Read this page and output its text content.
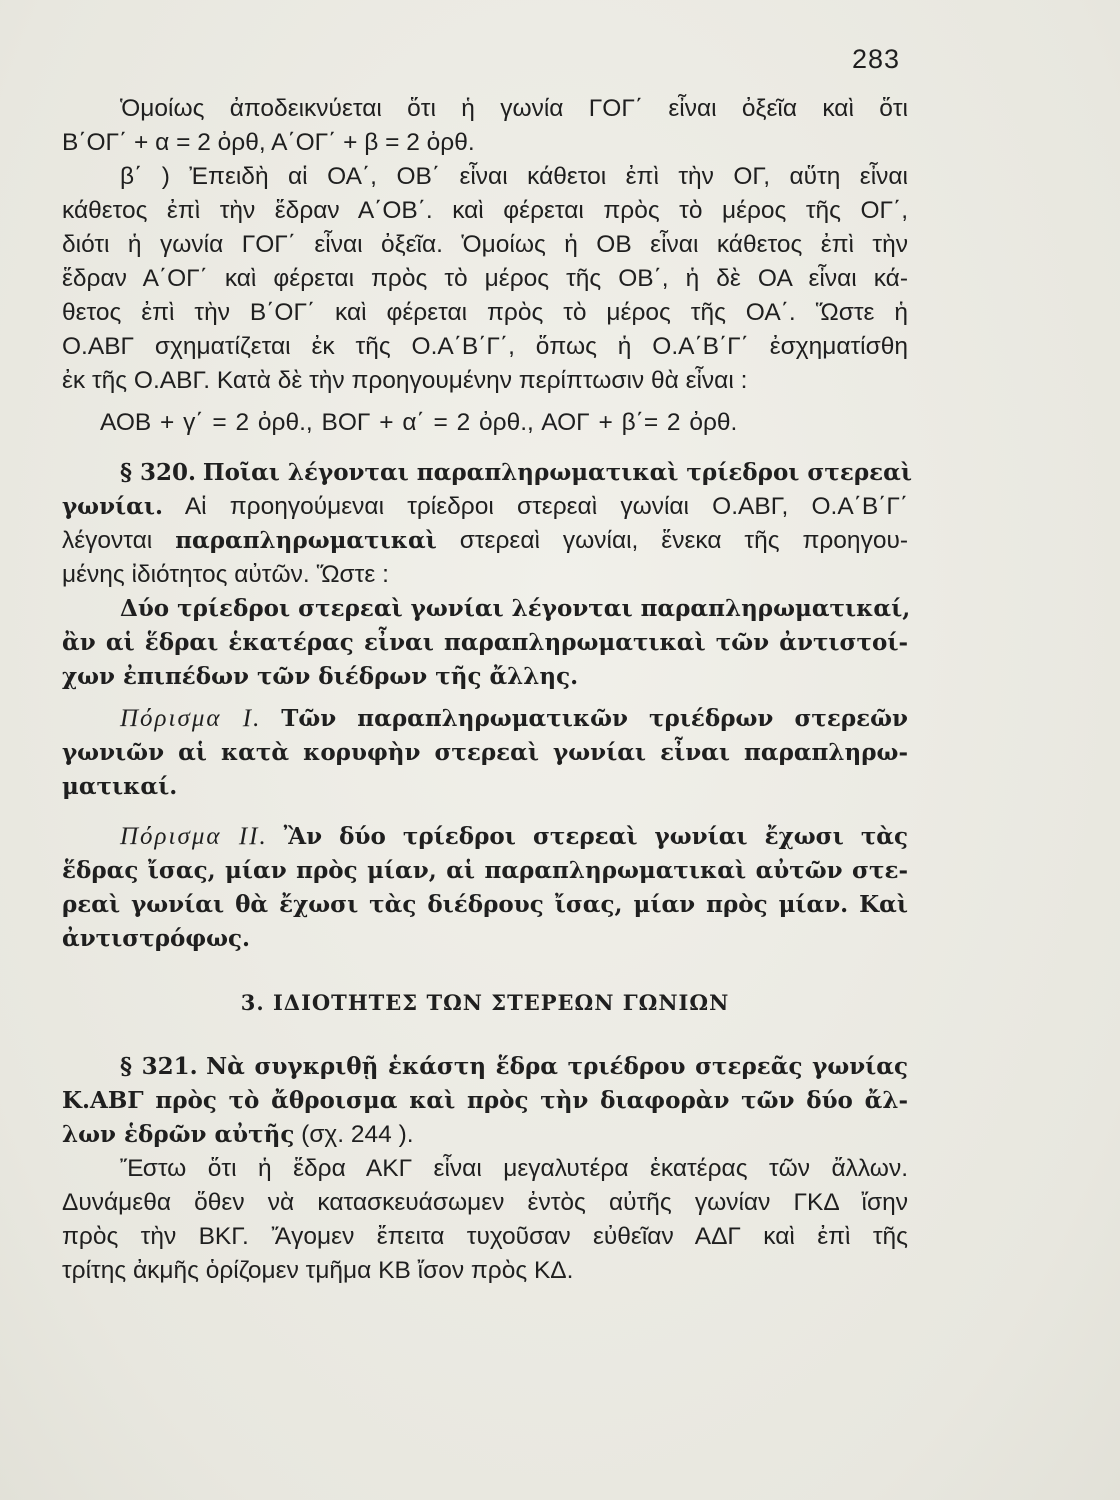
283
Ὁμοίως ἀποδεικνύεται ὅτι ἡ γωνία ΓΟΓ΄ εἶναι ὀξεῖα καὶ ὅτι
Β΄ΟΓ΄ + α = 2 ὀρθ, Α΄ΟΓ΄ + β = 2 ὀρθ.
β΄ ) Ἐπειδὴ αἱ ΟΑ΄, ΟΒ΄ εἶναι κάθετοι ἐπὶ τὴν ΟΓ, αὕτη εἶναι
κάθετος ἐπὶ τὴν ἕδραν Α΄ΟΒ΄. καὶ φέρεται πρὸς τὸ μέρος τῆς ΟΓ΄,
διότι ἡ γωνία ΓΟΓ΄ εἶναι ὀξεῖα. Ὁμοίως ἡ ΟΒ εἶναι κάθετος ἐπὶ τὴν
ἕδραν Α΄ΟΓ΄ καὶ φέρεται πρὸς τὸ μέρος τῆς ΟΒ΄, ἡ δὲ ΟΑ εἶναι κά-
θετος ἐπὶ τὴν Β΄ΟΓ΄ καὶ φέρεται πρὸς τὸ μέρος τῆς ΟΑ΄. Ὥστε ἡ
Ο.ΑΒΓ σχηματίζεται ἐκ τῆς Ο.Α΄Β΄Γ΄, ὅπως ἡ Ο.Α΄Β΄Γ΄ ἐσχηματίσθη
ἐκ τῆς Ο.ΑΒΓ. Κατὰ δὲ τὴν προηγουμένην περίπτωσιν θὰ εἶναι :
ΑΟΒ + γ΄ = 2 ὀρθ., ΒΟΓ + α΄ = 2 ὀρθ., ΑΟΓ + β΄= 2 ὀρθ.
§ 320. Ποῖαι λέγονται παραπληρωματικαὶ τρίεδροι στερεαὶ
γωνίαι. Αἱ προηγούμεναι τρίεδροι στερεαὶ γωνίαι Ο.ΑΒΓ, Ο.Α΄Β΄Γ΄
λέγονται παραπληρωματικαὶ στερεαὶ γωνίαι, ἕνεκα τῆς προηγου-
μένης ἰδιότητος αὐτῶν. Ὥστε :
Δύο τρίεδροι στερεαὶ γωνίαι λέγονται παραπληρωματικαί,
ἂν αἱ ἕδραι ἑκατέρας εἶναι παραπληρωματικαὶ τῶν ἀντιστοί-
χων ἐπιπέδων τῶν διέδρων τῆς ἄλλης.
Πόρισμα Ι. Τῶν παραπληρωματικῶν τριέδρων στερεῶν
γωνιῶν αἱ κατὰ κορυφὴν στερεαὶ γωνίαι εἶναι παραπληρω-
ματικαί.
Πόρισμα ΙΙ. Ἂν δύο τρίεδροι στερεαὶ γωνίαι ἔχωσι τὰς
ἕδρας ἴσας, μίαν πρὸς μίαν, αἱ παραπληρωματικαὶ αὐτῶν στε-
ρεαὶ γωνίαι θὰ ἔχωσι τὰς διέδρους ἴσας, μίαν πρὸς μίαν. Καὶ
ἀντιστρόφως.
3. ΙΔΙΟΤΗΤΕΣ ΤΩΝ ΣΤΕΡΕΩΝ ΓΩΝΙΩΝ
§ 321. Νὰ συγκριθῇ ἑκάστη ἕδρα τριέδρου στερεᾶς γωνίας
Κ.ΑΒΓ πρὸς τὸ ἄθροισμα καὶ πρὸς τὴν διαφορὰν τῶν δύο ἄλ-
λων ἑδρῶν αὐτῆς (σχ. 244 ).
Ἔστω ὅτι ἡ ἕδρα ΑΚΓ εἶναι μεγαλυτέρα ἑκατέρας τῶν ἄλλων.
Δυνάμεθα ὅθεν νὰ κατασκευάσωμεν ἐντὸς αὐτῆς γωνίαν ΓΚΔ ἴσην
πρὸς τὴν ΒΚΓ. Ἄγομεν ἔπειτα τυχοῦσαν εὐθεῖαν ΑΔΓ καὶ ἐπὶ τῆς
τρίτης ἀκμῆς ὁρίζομεν τμῆμα ΚΒ ἴσον πρὸς ΚΔ.
